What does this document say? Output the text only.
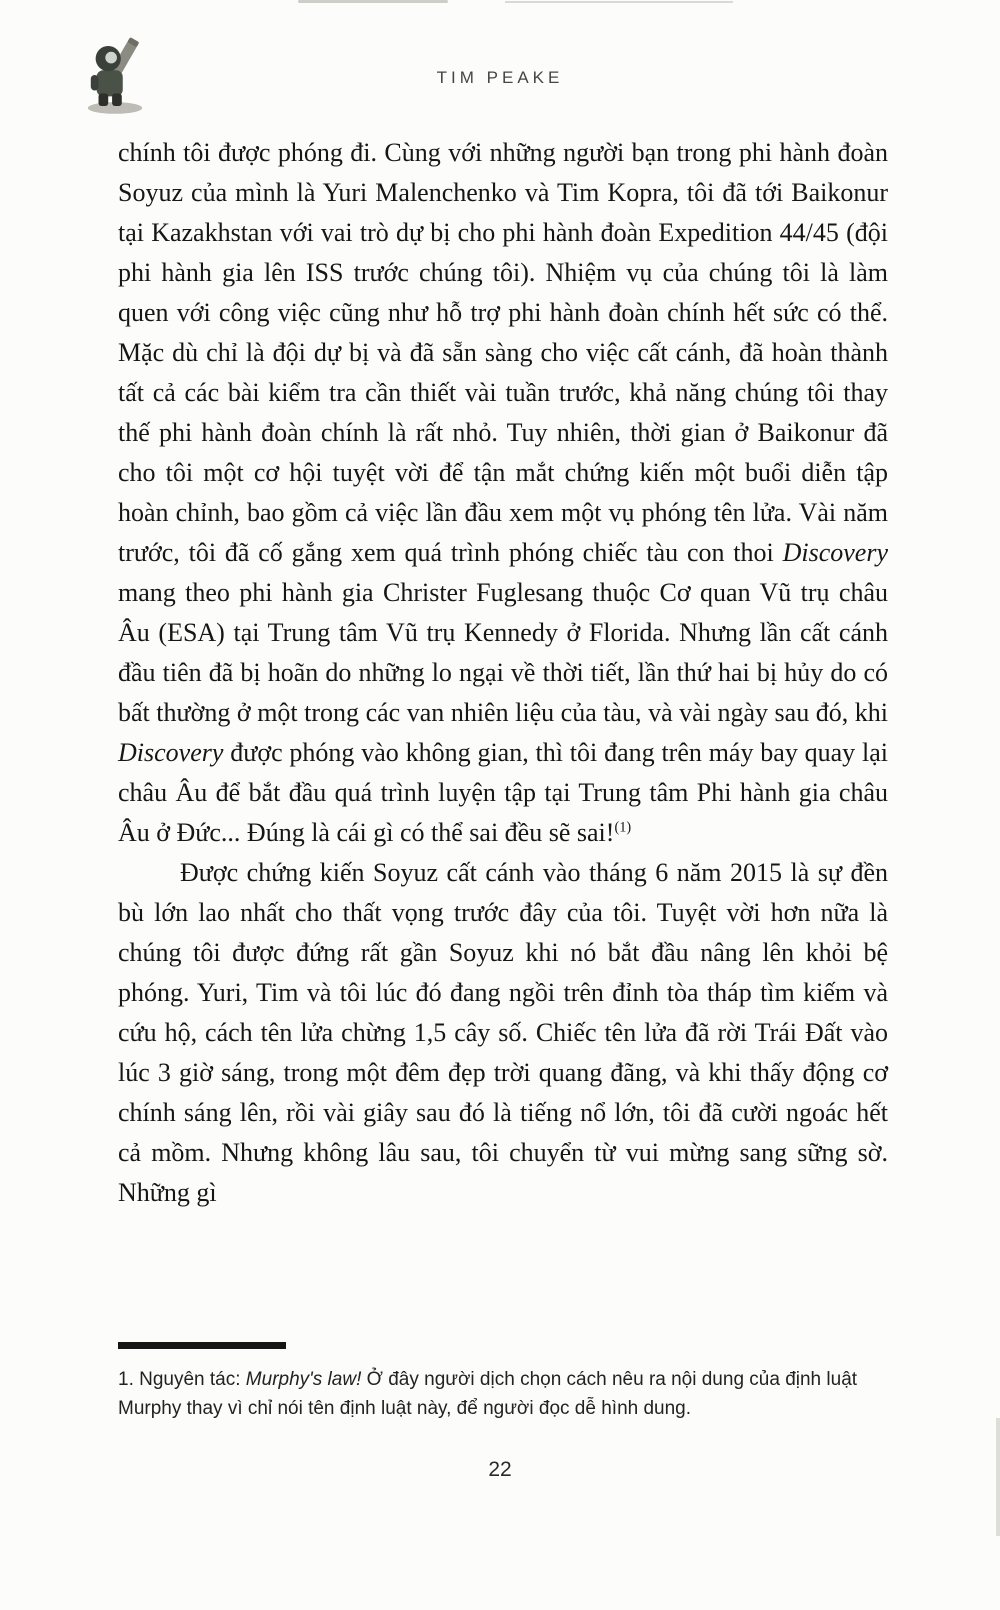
TIM PEAKE

chính tôi được phóng đi. Cùng với những người bạn trong phi hành đoàn Soyuz của mình là Yuri Malenchenko và Tim Kopra, tôi đã tới Baikonur tại Kazakhstan với vai trò dự bị cho phi hành đoàn Expedition 44/45 (đội phi hành gia lên ISS trước chúng tôi). Nhiệm vụ của chúng tôi là làm quen với công việc cũng như hỗ trợ phi hành đoàn chính hết sức có thể. Mặc dù chỉ là đội dự bị và đã sẵn sàng cho việc cất cánh, đã hoàn thành tất cả các bài kiểm tra cần thiết vài tuần trước, khả năng chúng tôi thay thế phi hành đoàn chính là rất nhỏ. Tuy nhiên, thời gian ở Baikonur đã cho tôi một cơ hội tuyệt vời để tận mắt chứng kiến một buổi diễn tập hoàn chỉnh, bao gồm cả việc lần đầu xem một vụ phóng tên lửa. Vài năm trước, tôi đã cố gắng xem quá trình phóng chiếc tàu con thoi Discovery mang theo phi hành gia Christer Fuglesang thuộc Cơ quan Vũ trụ châu Âu (ESA) tại Trung tâm Vũ trụ Kennedy ở Florida. Nhưng lần cất cánh đầu tiên đã bị hoãn do những lo ngại về thời tiết, lần thứ hai bị hủy do có bất thường ở một trong các van nhiên liệu của tàu, và vài ngày sau đó, khi Discovery được phóng vào không gian, thì tôi đang trên máy bay quay lại châu Âu để bắt đầu quá trình luyện tập tại Trung tâm Phi hành gia châu Âu ở Đức... Đúng là cái gì có thể sai đều sẽ sai!$^{(1)}$

Được chứng kiến Soyuz cất cánh vào tháng 6 năm 2015 là sự đền bù lớn lao nhất cho thất vọng trước đây của tôi. Tuyệt vời hơn nữa là chúng tôi được đứng rất gần Soyuz khi nó bắt đầu nâng lên khỏi bệ phóng. Yuri, Tim và tôi lúc đó đang ngồi trên đỉnh tòa tháp tìm kiếm và cứu hộ, cách tên lửa chừng 1,5 cây số. Chiếc tên lửa đã rời Trái Đất vào lúc 3 giờ sáng, trong một đêm đẹp trời quang đãng, và khi thấy động cơ chính sáng lên, rồi vài giây sau đó là tiếng nổ lớn, tôi đã cười ngoác hết cả mồm. Nhưng không lâu sau, tôi chuyển từ vui mừng sang sững sờ. Những gì

1. Nguyên tác: Murphy's law! Ở đây người dịch chọn cách nêu ra nội dung của định luật Murphy thay vì chỉ nói tên định luật này, để người đọc dễ hình dung.

22
